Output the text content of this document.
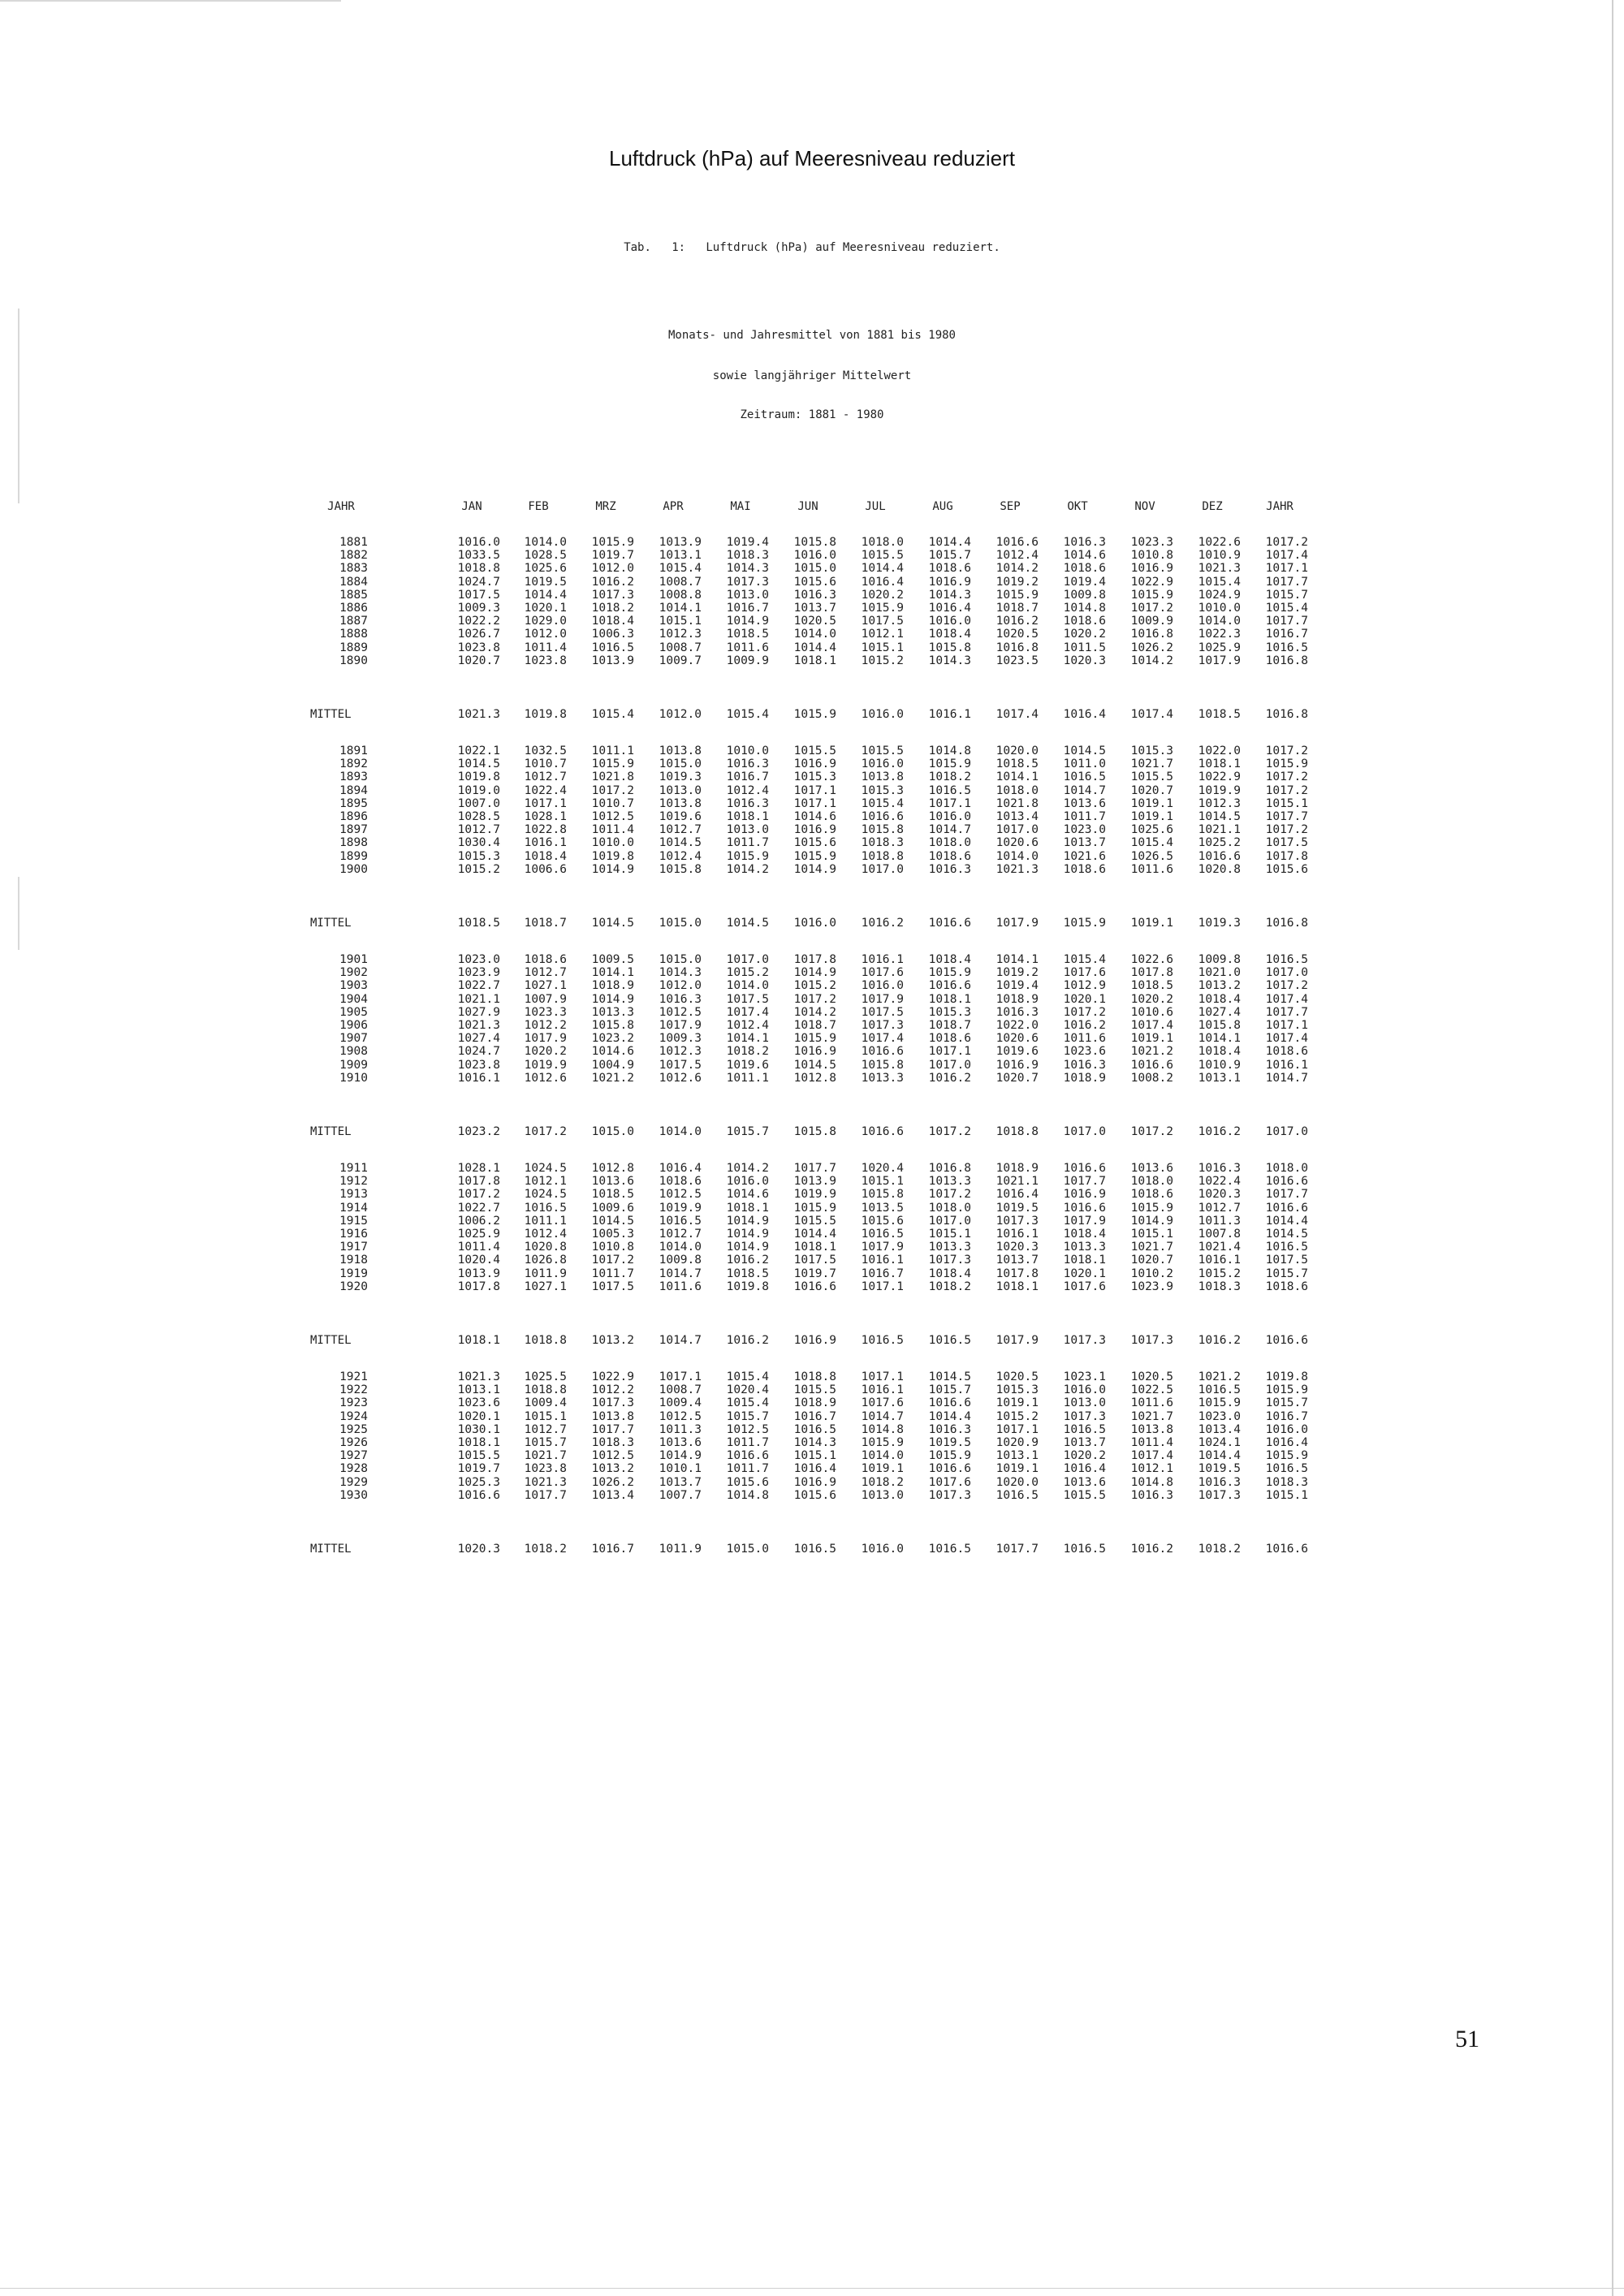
Luftdruck (hPa) auf Meeresniveau reduziert
Tab.   1:   Luftdruck (hPa) auf Meeresniveau reduziert.
Monats- und Jahresmittel von 1881 bis 1980
sowie langjähriger Mittelwert
Zeitraum: 1881 - 1980
JAHR	JAN	FEB	MRZ	APR	MAI	JUN	JUL	AUG	SEP	OKT	NOV	DEZ	JAHR
1881	1016.0	1014.0	1015.9	1013.9	1019.4	1015.8	1018.0	1014.4	1016.6	1016.3	1023.3	1022.6	1017.2
1882	1033.5	1028.5	1019.7	1013.1	1018.3	1016.0	1015.5	1015.7	1012.4	1014.6	1010.8	1010.9	1017.4
1883	1018.8	1025.6	1012.0	1015.4	1014.3	1015.0	1014.4	1018.6	1014.2	1018.6	1016.9	1021.3	1017.1
1884	1024.7	1019.5	1016.2	1008.7	1017.3	1015.6	1016.4	1016.9	1019.2	1019.4	1022.9	1015.4	1017.7
1885	1017.5	1014.4	1017.3	1008.8	1013.0	1016.3	1020.2	1014.3	1015.9	1009.8	1015.9	1024.9	1015.7
1886	1009.3	1020.1	1018.2	1014.1	1016.7	1013.7	1015.9	1016.4	1018.7	1014.8	1017.2	1010.0	1015.4
1887	1022.2	1029.0	1018.4	1015.1	1014.9	1020.5	1017.5	1016.0	1016.2	1018.6	1009.9	1014.0	1017.7
1888	1026.7	1012.0	1006.3	1012.3	1018.5	1014.0	1012.1	1018.4	1020.5	1020.2	1016.8	1022.3	1016.7
1889	1023.8	1011.4	1016.5	1008.7	1011.6	1014.4	1015.1	1015.8	1016.8	1011.5	1026.2	1025.9	1016.5
1890	1020.7	1023.8	1013.9	1009.7	1009.9	1018.1	1015.2	1014.3	1023.5	1020.3	1014.2	1017.9	1016.8
MITTEL	1021.3	1019.8	1015.4	1012.0	1015.4	1015.9	1016.0	1016.1	1017.4	1016.4	1017.4	1018.5	1016.8
1891	1022.1	1032.5	1011.1	1013.8	1010.0	1015.5	1015.5	1014.8	1020.0	1014.5	1015.3	1022.0	1017.2
1892	1014.5	1010.7	1015.9	1015.0	1016.3	1016.9	1016.0	1015.9	1018.5	1011.0	1021.7	1018.1	1015.9
1893	1019.8	1012.7	1021.8	1019.3	1016.7	1015.3	1013.8	1018.2	1014.1	1016.5	1015.5	1022.9	1017.2
1894	1019.0	1022.4	1017.2	1013.0	1012.4	1017.1	1015.3	1016.5	1018.0	1014.7	1020.7	1019.9	1017.2
1895	1007.0	1017.1	1010.7	1013.8	1016.3	1017.1	1015.4	1017.1	1021.8	1013.6	1019.1	1012.3	1015.1
1896	1028.5	1028.1	1012.5	1019.6	1018.1	1014.6	1016.6	1016.0	1013.4	1011.7	1019.1	1014.5	1017.7
1897	1012.7	1022.8	1011.4	1012.7	1013.0	1016.9	1015.8	1014.7	1017.0	1023.0	1025.6	1021.1	1017.2
1898	1030.4	1016.1	1010.0	1014.5	1011.7	1015.6	1018.3	1018.0	1020.6	1013.7	1015.4	1025.2	1017.5
1899	1015.3	1018.4	1019.8	1012.4	1015.9	1015.9	1018.8	1018.6	1014.0	1021.6	1026.5	1016.6	1017.8
1900	1015.2	1006.6	1014.9	1015.8	1014.2	1014.9	1017.0	1016.3	1021.3	1018.6	1011.6	1020.8	1015.6
MITTEL	1018.5	1018.7	1014.5	1015.0	1014.5	1016.0	1016.2	1016.6	1017.9	1015.9	1019.1	1019.3	1016.8
1901	1023.0	1018.6	1009.5	1015.0	1017.0	1017.8	1016.1	1018.4	1014.1	1015.4	1022.6	1009.8	1016.5
1902	1023.9	1012.7	1014.1	1014.3	1015.2	1014.9	1017.6	1015.9	1019.2	1017.6	1017.8	1021.0	1017.0
1903	1022.7	1027.1	1018.9	1012.0	1014.0	1015.2	1016.0	1016.6	1019.4	1012.9	1018.5	1013.2	1017.2
1904	1021.1	1007.9	1014.9	1016.3	1017.5	1017.2	1017.9	1018.1	1018.9	1020.1	1020.2	1018.4	1017.4
1905	1027.9	1023.3	1013.3	1012.5	1017.4	1014.2	1017.5	1015.3	1016.3	1017.2	1010.6	1027.4	1017.7
1906	1021.3	1012.2	1015.8	1017.9	1012.4	1018.7	1017.3	1018.7	1022.0	1016.2	1017.4	1015.8	1017.1
1907	1027.4	1017.9	1023.2	1009.3	1014.1	1015.9	1017.4	1018.6	1020.6	1011.6	1019.1	1014.1	1017.4
1908	1024.7	1020.2	1014.6	1012.3	1018.2	1016.9	1016.6	1017.1	1019.6	1023.6	1021.2	1018.4	1018.6
1909	1023.8	1019.9	1004.9	1017.5	1019.6	1014.5	1015.8	1017.0	1016.9	1016.3	1016.6	1010.9	1016.1
1910	1016.1	1012.6	1021.2	1012.6	1011.1	1012.8	1013.3	1016.2	1020.7	1018.9	1008.2	1013.1	1014.7
MITTEL	1023.2	1017.2	1015.0	1014.0	1015.7	1015.8	1016.6	1017.2	1018.8	1017.0	1017.2	1016.2	1017.0
1911	1028.1	1024.5	1012.8	1016.4	1014.2	1017.7	1020.4	1016.8	1018.9	1016.6	1013.6	1016.3	1018.0
1912	1017.8	1012.1	1013.6	1018.6	1016.0	1013.9	1015.1	1013.3	1021.1	1017.7	1018.0	1022.4	1016.6
1913	1017.2	1024.5	1018.5	1012.5	1014.6	1019.9	1015.8	1017.2	1016.4	1016.9	1018.6	1020.3	1017.7
1914	1022.7	1016.5	1009.6	1019.9	1018.1	1015.9	1013.5	1018.0	1019.5	1016.6	1015.9	1012.7	1016.6
1915	1006.2	1011.1	1014.5	1016.5	1014.9	1015.5	1015.6	1017.0	1017.3	1017.9	1014.9	1011.3	1014.4
1916	1025.9	1012.4	1005.3	1012.7	1014.9	1014.4	1016.5	1015.1	1016.1	1018.4	1015.1	1007.8	1014.5
1917	1011.4	1020.8	1010.8	1014.0	1014.9	1018.1	1017.9	1013.3	1020.3	1013.3	1021.7	1021.4	1016.5
1918	1020.4	1026.8	1017.2	1009.8	1016.2	1017.5	1016.1	1017.3	1013.7	1018.1	1020.7	1016.1	1017.5
1919	1013.9	1011.9	1011.7	1014.7	1018.5	1019.7	1016.7	1018.4	1017.8	1020.1	1010.2	1015.2	1015.7
1920	1017.8	1027.1	1017.5	1011.6	1019.8	1016.6	1017.1	1018.2	1018.1	1017.6	1023.9	1018.3	1018.6
MITTEL	1018.1	1018.8	1013.2	1014.7	1016.2	1016.9	1016.5	1016.5	1017.9	1017.3	1017.3	1016.2	1016.6
1921	1021.3	1025.5	1022.9	1017.1	1015.4	1018.8	1017.1	1014.5	1020.5	1023.1	1020.5	1021.2	1019.8
1922	1013.1	1018.8	1012.2	1008.7	1020.4	1015.5	1016.1	1015.7	1015.3	1016.0	1022.5	1016.5	1015.9
1923	1023.6	1009.4	1017.3	1009.4	1015.4	1018.9	1017.6	1016.6	1019.1	1013.0	1011.6	1015.9	1015.7
1924	1020.1	1015.1	1013.8	1012.5	1015.7	1016.7	1014.7	1014.4	1015.2	1017.3	1021.7	1023.0	1016.7
1925	1030.1	1012.7	1017.7	1011.3	1012.5	1016.5	1014.8	1016.3	1017.1	1016.5	1013.8	1013.4	1016.0
1926	1018.1	1015.7	1018.3	1013.6	1011.7	1014.3	1015.9	1019.5	1020.9	1013.7	1011.4	1024.1	1016.4
1927	1015.5	1021.7	1012.5	1014.9	1016.6	1015.1	1014.0	1015.9	1013.1	1020.2	1017.4	1014.4	1015.9
1928	1019.7	1023.8	1013.2	1010.1	1011.7	1016.4	1019.1	1016.6	1019.1	1016.4	1012.1	1019.5	1016.5
1929	1025.3	1021.3	1026.2	1013.7	1015.6	1016.9	1018.2	1017.6	1020.0	1013.6	1014.8	1016.3	1018.3
1930	1016.6	1017.7	1013.4	1007.7	1014.8	1015.6	1013.0	1017.3	1016.5	1015.5	1016.3	1017.3	1015.1
MITTEL	1020.3	1018.2	1016.7	1011.9	1015.0	1016.5	1016.0	1016.5	1017.7	1016.5	1016.2	1018.2	1016.6
51
